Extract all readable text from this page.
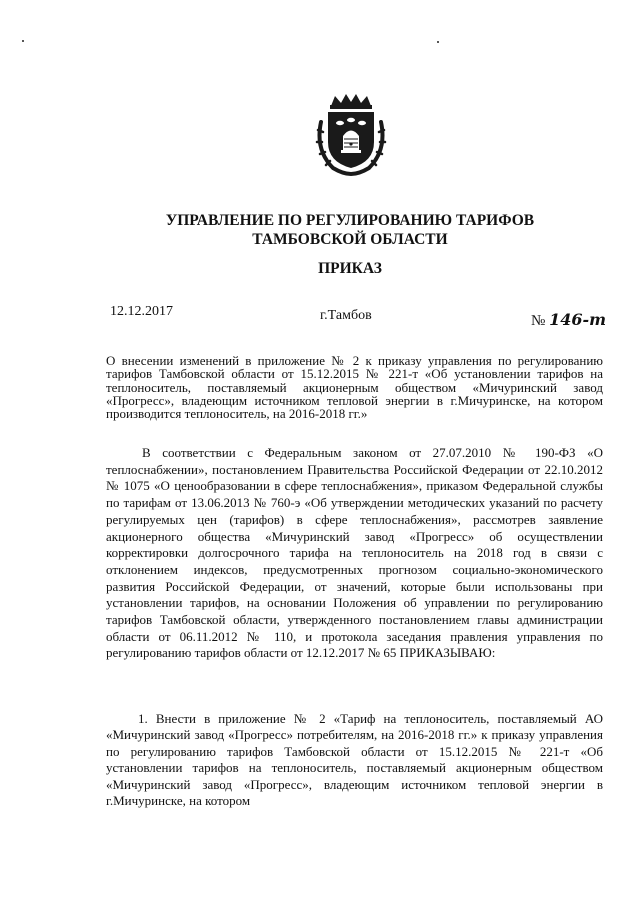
УПРАВЛЕНИЕ ПО РЕГУЛИРОВАНИЮ ТАРИФОВ
ТАМБОВСКОЙ ОБЛАСТИ
ПРИКАЗ
12.12.2017	г.Тамбов	№ 146-т
О внесении изменений в приложение № 2 к приказу управления по регулированию тарифов Тамбовской области от 15.12.2015 № 221-т «Об установлении тарифов на теплоноситель, поставляемый акционерным обществом «Мичуринский завод «Прогресс», владеющим источником тепловой энергии в г.Мичуринске, на котором производится теплоноситель, на 2016-2018 гг.»
В соответствии с Федеральным законом от 27.07.2010 № 190-ФЗ «О теплоснабжении», постановлением Правительства Российской Федерации от 22.10.2012 № 1075 «О ценообразовании в сфере теплоснабжения», приказом Федеральной службы по тарифам от 13.06.2013 № 760-э «Об утверждении методических указаний по расчету регулируемых цен (тарифов) в сфере теплоснабжения», рассмотрев заявление акционерного общества «Мичуринский завод «Прогресс» об осуществлении корректировки долгосрочного тарифа на теплоноситель на 2018 год в связи с отклонением индексов, предусмотренных прогнозом социально-экономического развития Российской Федерации, от значений, которые были использованы при установлении тарифов, на основании Положения об управлении по регулированию тарифов Тамбовской области, утвержденного постановлением главы администрации области от 06.11.2012 № 110, и протокола заседания правления управления по регулированию тарифов области от 12.12.2017 № 65 ПРИКАЗЫВАЮ:
1. Внести в приложение № 2 «Тариф на теплоноситель, поставляемый АО «Мичуринский завод «Прогресс» потребителям, на 2016-2018 гг.» к приказу управления по регулированию тарифов Тамбовской области от 15.12.2015 № 221-т «Об установлении тарифов на теплоноситель, поставляемый акционерным обществом «Мичуринский завод «Прогресс», владеющим источником тепловой энергии в г.Мичуринске, на котором
